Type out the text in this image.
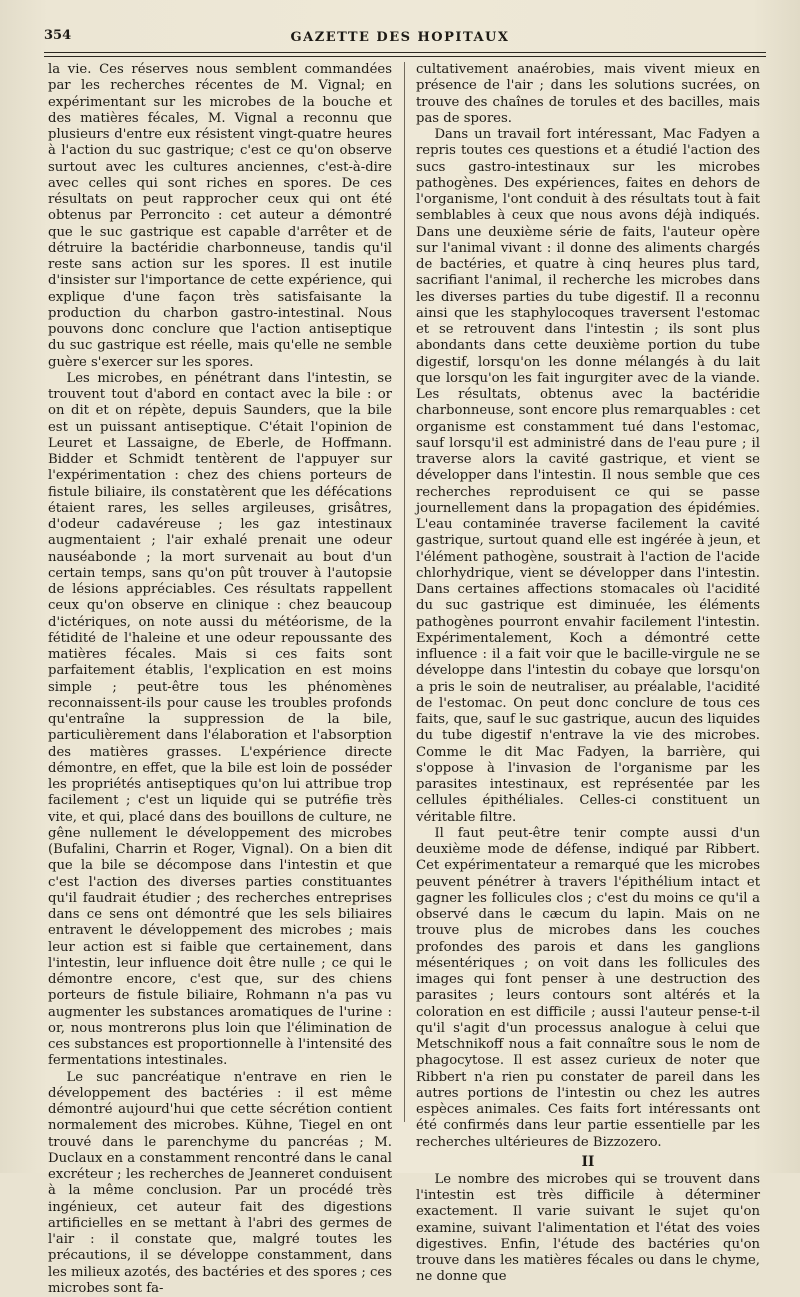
354	GAZETTE DES HOPITAUX

la vie. Ces réserves nous semblent commandées par les recherches récentes de M. Vignal; en expérimentant sur les microbes de la bouche et des matières fécales, M. Vignal a reconnu que plusieurs d'entre eux résistent vingt-quatre heures à l'action du suc gastrique; c'est ce qu'on observe surtout avec les cultures anciennes, c'est-à-dire avec celles qui sont riches en spores. De ces résultats on peut rapprocher ceux qui ont été obtenus par Perroncito : cet auteur a démontré que le suc gastrique est capable d'arrêter et de détruire la bactéridie charbonneuse, tandis qu'il reste sans action sur les spores. Il est inutile d'insister sur l'importance de cette expérience, qui explique d'une façon très satisfaisante la production du charbon gastro-intestinal. Nous pouvons donc conclure que l'action antiseptique du suc gastrique est réelle, mais qu'elle ne semble guère s'exercer sur les spores.

Les microbes, en pénétrant dans l'intestin, se trouvent tout d'abord en contact avec la bile : or on dit et on répète, depuis Saunders, que la bile est un puissant antiseptique. C'était l'opinion de Leuret et Lassaigne, de Eberle, de Hoffmann. Bidder et Schmidt tentèrent de l'appuyer sur l'expérimentation : chez des chiens porteurs de fistule biliaire, ils constatèrent que les défécations étaient rares, les selles argileuses, grisâtres, d'odeur cadavéreuse ; les gaz intestinaux augmentaient ; l'air exhalé prenait une odeur nauséabonde ; la mort survenait au bout d'un certain temps, sans qu'on pût trouver à l'autopsie de lésions appréciables. Ces résultats rappellent ceux qu'on observe en clinique : chez beaucoup d'ictériques, on note aussi du météorisme, de la fétidité de l'haleine et une odeur repoussante des matières fécales. Mais si ces faits sont parfaitement établis, l'explication en est moins simple ; peut-être tous les phénomènes reconnaissent-ils pour cause les troubles profonds qu'entraîne la suppression de la bile, particulièrement dans l'élaboration et l'absorption des matières grasses. L'expérience directe démontre, en effet, que la bile est loin de posséder les propriétés antiseptiques qu'on lui attribue trop facilement ; c'est un liquide qui se putréfie très vite, et qui, placé dans des bouillons de culture, ne gêne nullement le développement des microbes (Bufalini, Charrin et Roger, Vignal). On a bien dit que la bile se décompose dans l'intestin et que c'est l'action des diverses parties constituantes qu'il faudrait étudier ; des recherches entreprises dans ce sens ont démontré que les sels biliaires entravent le développement des microbes ; mais leur action est si faible que certainement, dans l'intestin, leur influence doit être nulle ; ce qui le démontre encore, c'est que, sur des chiens porteurs de fistule biliaire, Rohmann n'a pas vu augmenter les substances aromatiques de l'urine : or, nous montrerons plus loin que l'élimination de ces substances est proportionnelle à l'intensité des fermentations intestinales.

Le suc pancréatique n'entrave en rien le développement des bactéries : il est même démontré aujourd'hui que cette sécrétion contient normalement des microbes. Kühne, Tiegel en ont trouvé dans le parenchyme du pancréas ; M. Duclaux en a constamment rencontré dans le canal excréteur ; les recherches de Jeanneret conduisent à la même conclusion. Par un procédé très ingénieux, cet auteur fait des digestions artificielles en se mettant à l'abri des germes de l'air : il constate que, malgré toutes les précautions, il se développe constamment, dans les milieux azotés, des bactéries et des spores ; ces microbes sont fa-

cultativement anaérobies, mais vivent mieux en présence de l'air ; dans les solutions sucrées, on trouve des chaînes de torules et des bacilles, mais pas de spores.

Dans un travail fort intéressant, Mac Fadyen a repris toutes ces questions et a étudié l'action des sucs gastro-intestinaux sur les microbes pathogènes. Des expériences, faites en dehors de l'organisme, l'ont conduit à des résultats tout à fait semblables à ceux que nous avons déjà indiqués. Dans une deuxième série de faits, l'auteur opère sur l'animal vivant : il donne des aliments chargés de bactéries, et quatre à cinq heures plus tard, sacrifiant l'animal, il recherche les microbes dans les diverses parties du tube digestif. Il a reconnu ainsi que les staphylocoques traversent l'estomac et se retrouvent dans l'intestin ; ils sont plus abondants dans cette deuxième portion du tube digestif, lorsqu'on les donne mélangés à du lait que lorsqu'on les fait ingurgiter avec de la viande. Les résultats, obtenus avec la bactéridie charbonneuse, sont encore plus remarquables : cet organisme est constamment tué dans l'estomac, sauf lorsqu'il est administré dans de l'eau pure ; il traverse alors la cavité gastrique, et vient se développer dans l'intestin. Il nous semble que ces recherches reproduisent ce qui se passe journellement dans la propagation des épidémies. L'eau contaminée traverse facilement la cavité gastrique, surtout quand elle est ingérée à jeun, et l'élément pathogène, soustrait à l'action de l'acide chlorhydrique, vient se développer dans l'intestin. Dans certaines affections stomacales où l'acidité du suc gastrique est diminuée, les éléments pathogènes pourront envahir facilement l'intestin. Expérimentalement, Koch a démontré cette influence : il a fait voir que le bacille-virgule ne se développe dans l'intestin du cobaye que lorsqu'on a pris le soin de neutraliser, au préalable, l'acidité de l'estomac. On peut donc conclure de tous ces faits, que, sauf le suc gastrique, aucun des liquides du tube digestif n'entrave la vie des microbes. Comme le dit Mac Fadyen, la barrière, qui s'oppose à l'invasion de l'organisme par les parasites intestinaux, est représentée par les cellules épithéliales. Celles-ci constituent un véritable filtre.

Il faut peut-être tenir compte aussi d'un deuxième mode de défense, indiqué par Ribbert. Cet expérimentateur a remarqué que les microbes peuvent pénétrer à travers l'épithélium intact et gagner les follicules clos ; c'est du moins ce qu'il a observé dans le cæcum du lapin. Mais on ne trouve plus de microbes dans les couches profondes des parois et dans les ganglions mésentériques ; on voit dans les follicules des images qui font penser à une destruction des parasites ; leurs contours sont altérés et la coloration en est difficile ; aussi l'auteur pense-t-il qu'il s'agit d'un processus analogue à celui que Metschnikoff nous a fait connaître sous le nom de phagocytose. Il est assez curieux de noter que Ribbert n'a rien pu constater de pareil dans les autres portions de l'intestin ou chez les autres espèces animales. Ces faits fort intéressants ont été confirmés dans leur partie essentielle par les recherches ultérieures de Bizzozero.

II

Le nombre des microbes qui se trouvent dans l'intestin est très difficile à déterminer exactement. Il varie suivant le sujet qu'on examine, suivant l'alimentation et l'état des voies digestives. Enfin, l'étude des bactéries qu'on trouve dans les matières fécales ou dans le chyme, ne donne que
